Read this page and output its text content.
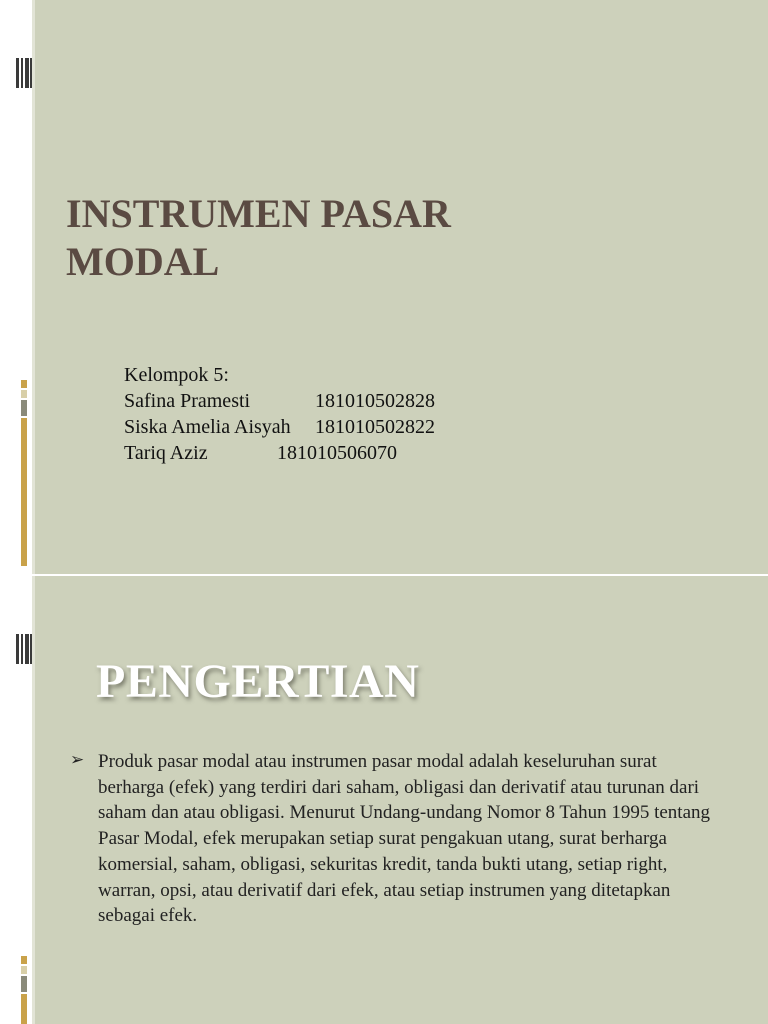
INSTRUMEN PASAR
MODAL
Kelompok 5:
Safina Pramesti	181010502828
Siska Amelia Aisyah 181010502822
Tariq Aziz	181010506070
PENGERTIAN
➢ Produk pasar modal atau instrumen pasar modal adalah keseluruhan surat berharga (efek) yang terdiri dari saham, obligasi dan derivatif atau turunan dari saham dan atau obligasi. Menurut Undang-undang Nomor 8 Tahun 1995 tentang Pasar Modal, efek merupakan setiap surat pengakuan utang, surat berharga komersial, saham, obligasi, sekuritas kredit, tanda bukti utang, setiap right, warran, opsi, atau derivatif dari efek, atau setiap instrumen yang ditetapkan sebagai efek.
